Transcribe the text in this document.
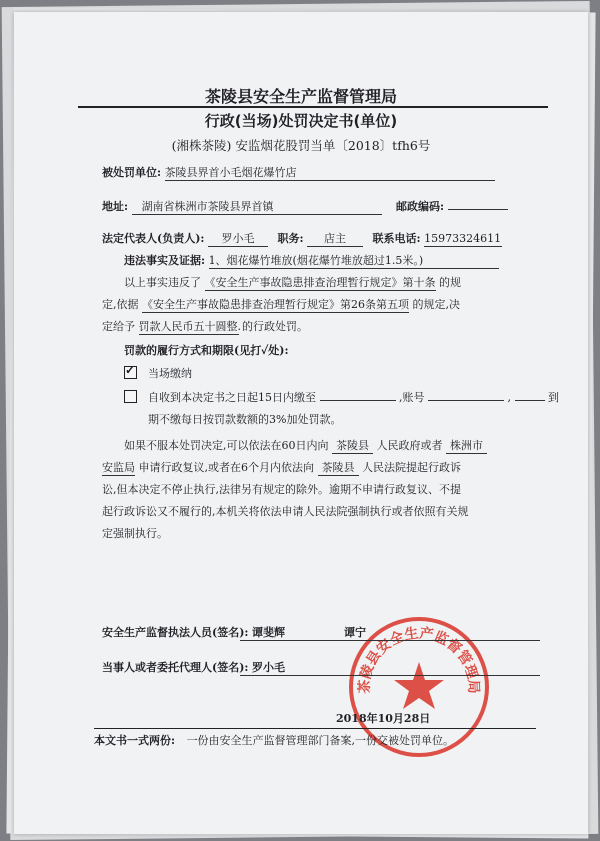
茶陵县安全生产监督管理局
行政(当场)处罚决定书(单位)
(湘株茶陵) 安监烟花股罚当单〔2018〕tfh6号
被处罚单位: 茶陵县界首小毛烟花爆竹店
地址: 湖南省株洲市茶陵县界首镇	邮政编码:
法定代表人(负责人): 罗小毛 职务: 店主 联系电话: 15973324611
违法事实及证据: 1、烟花爆竹堆放(烟花爆竹堆放超过1.5米。)
以上事实违反了 《安全生产事故隐患排查治理暂行规定》第十条 的规
定,依据 《安全生产事故隐患排查治理暂行规定》第26条第五项 的规定,决
定给予 罚款人民币五十圆整. 的行政处罚。
罚款的履行方式和期限(见打✓处):
✓ 当场缴纳
自收到本决定书之日起15日内缴至	,账号	,	到
期不缴每日按罚款数额的3%加处罚款。
如果不服本处罚决定,可以依法在60日内向 茶陵县 人民政府或者 株洲市
安监局 申请行政复议,或者在6个月内依法向 茶陵县 人民法院提起行政诉
讼,但本决定不停止执行,法律另有规定的除外。逾期不申请行政复议、不提
起行政诉讼又不履行的,本机关将依法申请人民法院强制执行或者依照有关规
定强制执行。
茶陵县安全生产监督管理局
安全生产监督执法人员(签名): 谭斐辉	谭宁
当事人或者委托代理人(签名): 罗小毛
2018年10月28日
本文书一式两份: 一份由安全生产监督管理部门备案,一份交被处罚单位。
